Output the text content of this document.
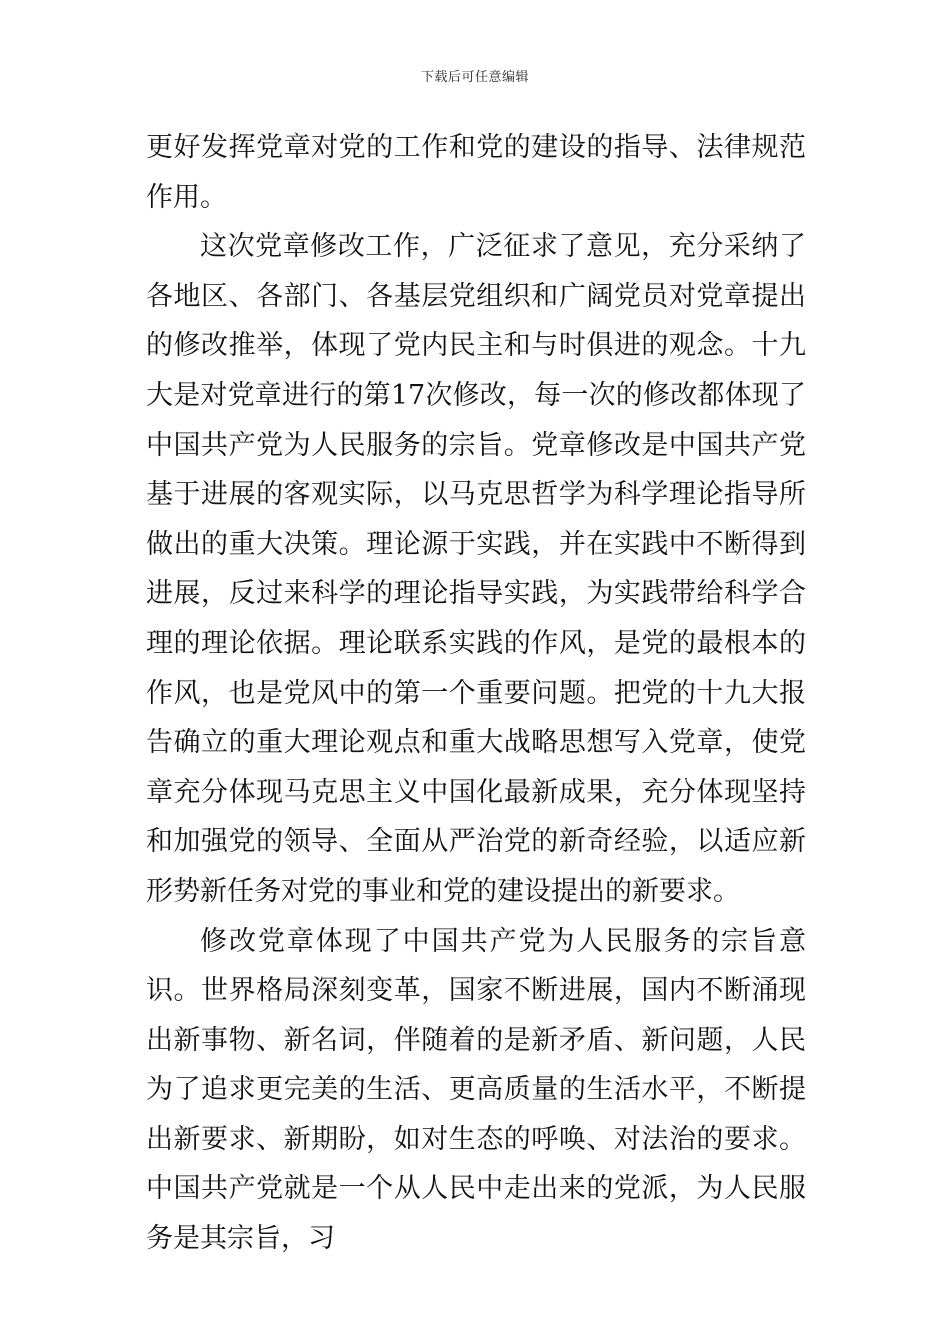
下载后可任意编辑

更好发挥党章对党的工作和党的建设的指导、法律规范作用。

这次党章修改工作，广泛征求了意见，充分采纳了各地区、各部门、各基层党组织和广阔党员对党章提出的修改推举，体现了党内民主和与时俱进的观念。十九大是对党章进行的第17次修改，每一次的修改都体现了中国共产党为人民服务的宗旨。党章修改是中国共产党基于进展的客观实际，以马克思哲学为科学理论指导所做出的重大决策。理论源于实践，并在实践中不断得到进展，反过来科学的理论指导实践，为实践带给科学合理的理论依据。理论联系实践的作风，是党的最根本的作风，也是党风中的第一个重要问题。把党的十九大报告确立的重大理论观点和重大战略思想写入党章，使党章充分体现马克思主义中国化最新成果，充分体现坚持和加强党的领导、全面从严治党的新奇经验，以适应新形势新任务对党的事业和党的建设提出的新要求。

修改党章体现了中国共产党为人民服务的宗旨意识。世界格局深刻变革，国家不断进展，国内不断涌现出新事物、新名词，伴随着的是新矛盾、新问题，人民为了追求更完美的生活、更高质量的生活水平，不断提出新要求、新期盼，如对生态的呼唤、对法治的要求。中国共产党就是一个从人民中走出来的党派，为人民服务是其宗旨，习
